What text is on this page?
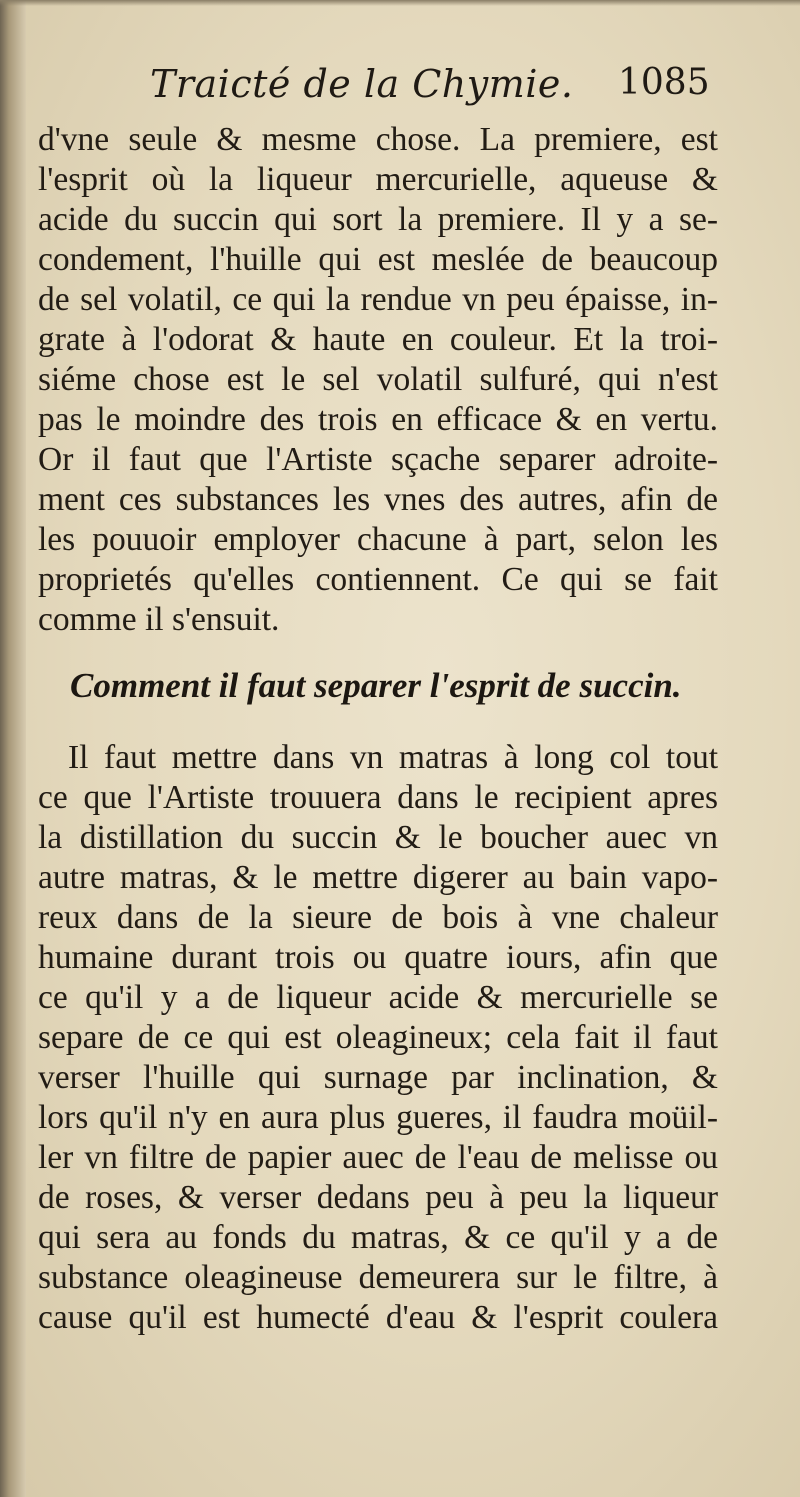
Traicté de la Chymie. 1085
d'vne seule & mesme chose. La premiere, est
l'esprit où la liqueur mercurielle, aqueuse &
acide du succin qui sort la premiere. Il y a se-
condement, l'huille qui est meslée de beaucoup
de sel volatil, ce qui la rendue vn peu épaisse, in-
grate à l'odorat & haute en couleur. Et la troi-
siéme chose est le sel volatil sulfuré, qui n'est
pas le moindre des trois en efficace & en vertu.
Or il faut que l'Artiste sçache separer adroite-
ment ces substances les vnes des autres, afin de
les pouuoir employer chacune à part, selon les
proprietés qu'elles contiennent. Ce qui se fait
comme il s'ensuit.
Comment il faut separer l'esprit de succin.
Il faut mettre dans vn matras à long col tout
ce que l'Artiste trouuera dans le recipient apres
la distillation du succin & le boucher auec vn
autre matras, & le mettre digerer au bain vapo-
reux dans de la sieure de bois à vne chaleur
humaine durant trois ou quatre iours, afin que
ce qu'il y a de liqueur acide & mercurielle se
separe de ce qui est oleagineux; cela fait il faut
verser l'huille qui surnage par inclination, &
lors qu'il n'y en aura plus gueres, il faudra moüil-
ler vn filtre de papier auec de l'eau de melisse ou
de roses, & verser dedans peu à peu la liqueur
qui sera au fonds du matras, & ce qu'il y a de
substance oleagineuse demeurera sur le filtre, à
cause qu'il est humecté d'eau & l'esprit coulera
